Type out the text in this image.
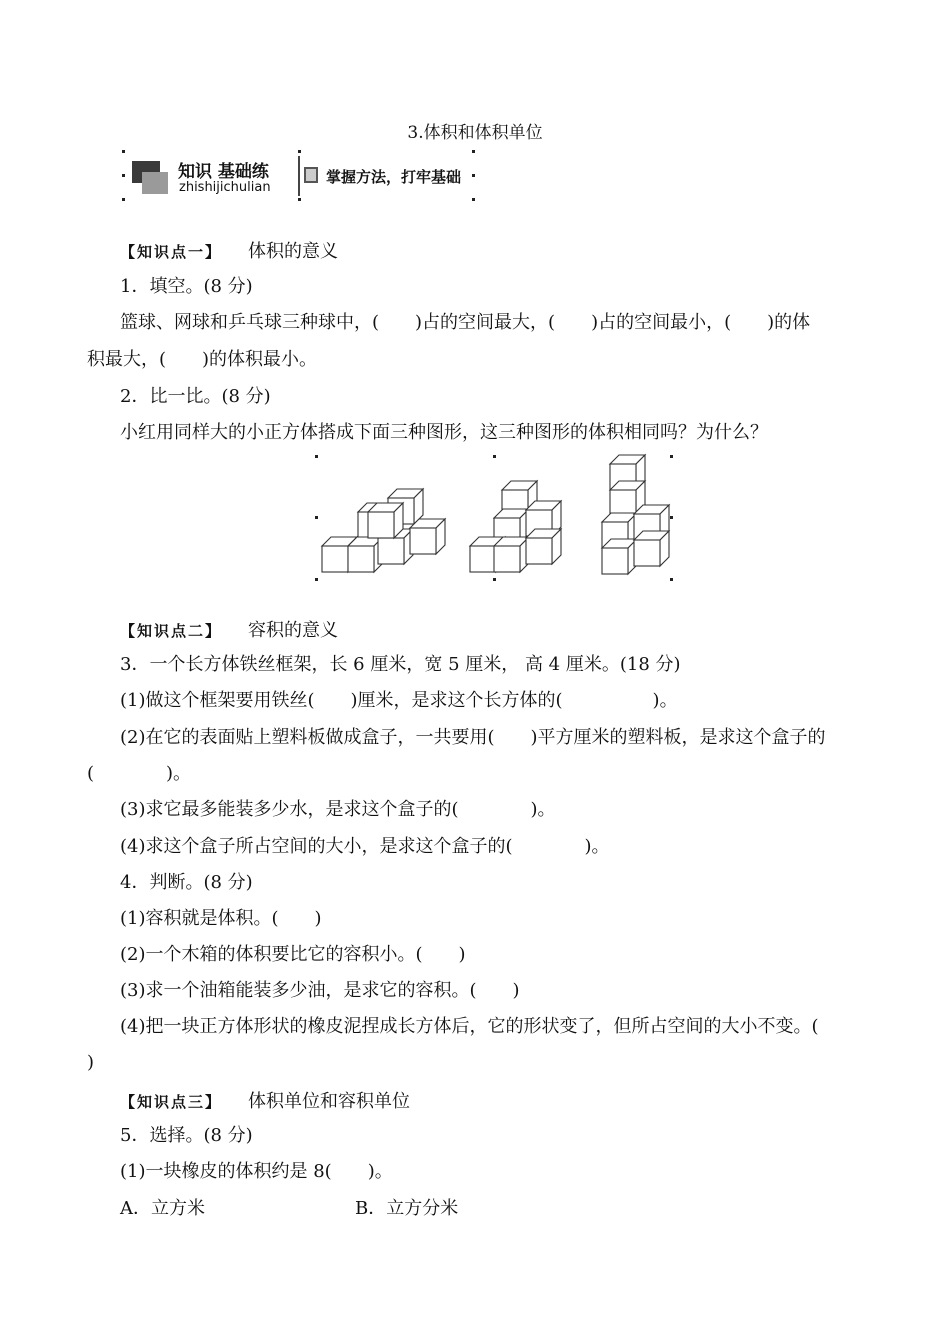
3.体积和体积单位
知识 基础练
zhishijichulian
掌握方法，打牢基础
【知识点一】 体积的意义
1．填空。(8 分)
篮球、网球和乒乓球三种球中，(　　)占的空间最大，(　　)占的空间最小，(　　)的体
积最大，(　　)的体积最小。
2．比一比。(8 分)
小红用同样大的小正方体搭成下面三种图形，这三种图形的体积相同吗？为什么？
【知识点二】 容积的意义
3．一个长方体铁丝框架，长 6 厘米，宽 5 厘米， 高 4 厘米。(18 分)
(1)做这个框架要用铁丝(　　)厘米，是求这个长方体的(　　　　　)。
(2)在它的表面贴上塑料板做成盒子，一共要用(　　)平方厘米的塑料板，是求这个盒子的
(　　　　)。
(3)求它最多能装多少水，是求这个盒子的(　　　　)。
(4)求这个盒子所占空间的大小，是求这个盒子的(　　　　)。
4．判断。(8 分)
(1)容积就是体积。(　　)
(2)一个木箱的体积要比它的容积小。(　　)
(3)求一个油箱能装多少油，是求它的容积。(　　)
(4)把一块正方体形状的橡皮泥捏成长方体后，它的形状变了，但所占空间的大小不变。(
)
【知识点三】 体积单位和容积单位
5．选择。(8 分)
(1)一块橡皮的体积约是 8(　　)。
A．立方米	B．立方分米
